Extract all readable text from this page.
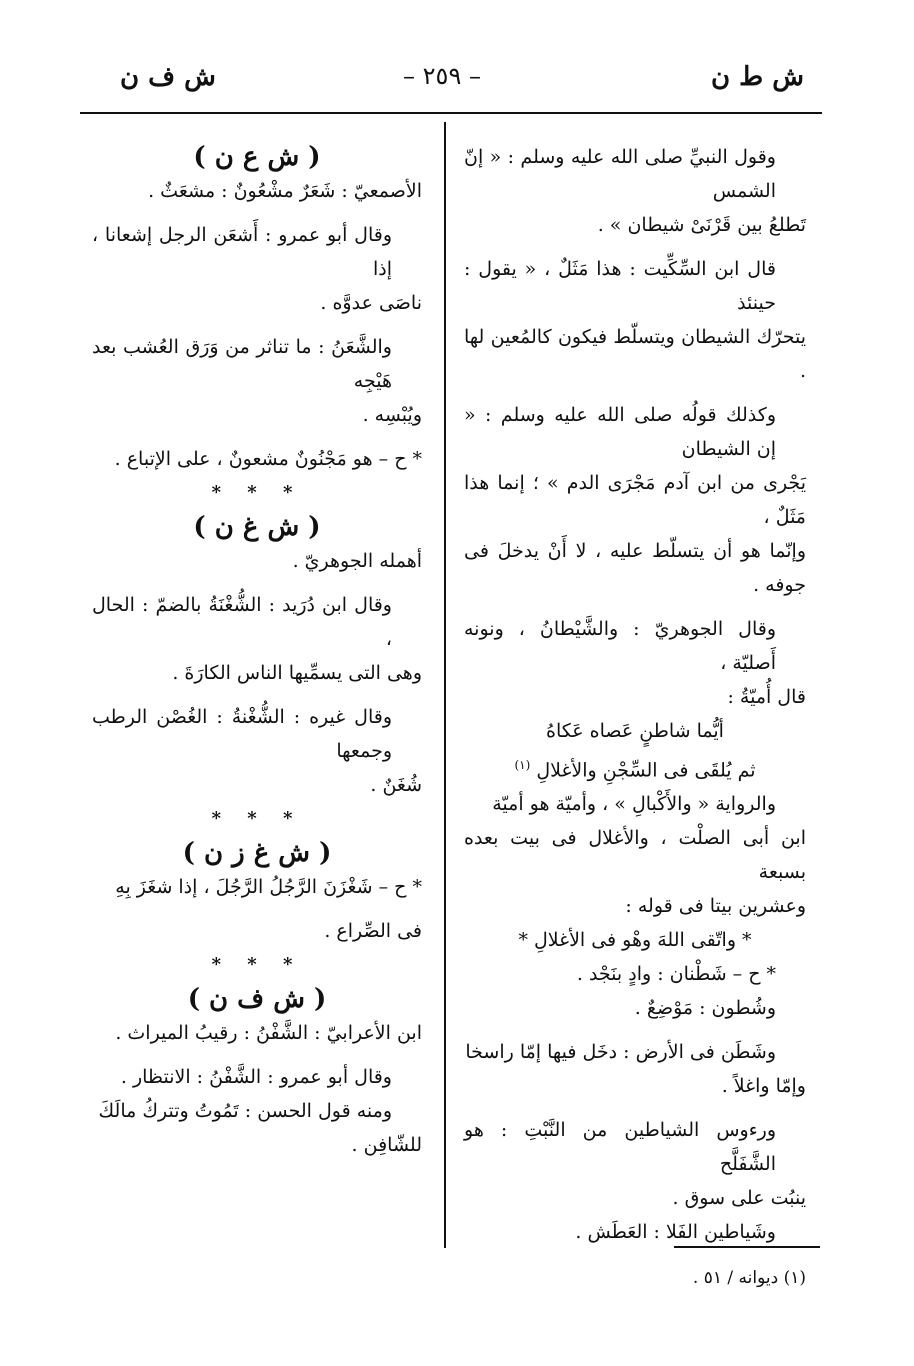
ش ط ن
– ٢٥٩ –
ش ف ن

وقول النبيِّ صلى الله عليه وسلم : « إنّ الشمس

تَطلعُ بين قَرْنَىْ شيطان » .

قال ابن السِّكِّيت : هذا مَثَلٌ ، « يقول : حينئذ

يتحرّك الشيطان ويتسلّط فيكون كالمُعين لها .

وكذلك قولُه صلى الله عليه وسلم : « إن الشيطان

يَجْرى من ابن آدم مَجْرَى الدم » ؛ إنما هذا مَثَلٌ ،

وإنّما هو أن يتسلّط عليه ، لا أَنْ يدخلَ فى جوفه .

وقال الجوهريّ : والشَّيْطانُ ، ونونه أَصليّة ،

قال أُميّةُ :

أيُّما شاطنٍ عَصاه عَكاهُ

ثم يُلقَى فى السِّجْنِ والأغلالِ $^{(١)}$

والرواية « والأَكْبالِ » ، وأميّة هو أميّة

ابن أبى الصلْت ، والأغلال فى بيت بعده بسبعة

وعشرين بيتا فى قوله :

* واتّقى اللهَ وهْو فى الأغلالِ *

* ح – شَطْنان : وادٍ بنَجْد .

وشُطون : مَوْضِعٌ .

وشَطَن فى الأرض : دخَل فيها إمّا راسخا

وإمّا واغلاً .

ورءوس الشياطين من النَّبْتِ : هو الشَّفَلَّح

ينبُت على سوق .

وشَياطين الفَلا : العَطَش .

( ش ع ن )

الأصمعيّ : شَعَرٌ مشْعُونٌ : مشعَثٌ .

وقال أبو عمرو : أَشعَن الرجل إشعانا ، إذا

ناصَى عدوَّه .

والشَّعَنُ : ما تناثر من وَرَق العُشب بعد هَيْجِه

ويُبْسِه .

* ح – هو مَجْنُونٌ مشعونٌ ، على الإتباع .

* * *

( ش غ ن )

أهمله الجوهريّ .

وقال ابن دُرَيد : الشُّغْنَةُ بالضمّ : الحال ،

وهى التى يسمِّيها الناس الكارَةَ .

وقال غيره : الشُّغْنةُ : الغُصْن الرطب وجمعها

شُغَنٌ .

* * *

( ش غ ز ن )

* ح – شَغْزَنَ الرَّجُلُ الرَّجُلَ ، إذا شغَزَ بِهِ

فى الصِّراع .

* * *

( ش ف ن )

ابن الأعرابيّ : الشَّفْنُ : رقيبُ الميراث .

وقال أبو عمرو : الشَّفْنُ : الانتظار .

ومنه قول الحسن : تَمُوتُ وتتركُ مالَكَ

للشّافِن .

(١) ديوانه / ٥١ .
